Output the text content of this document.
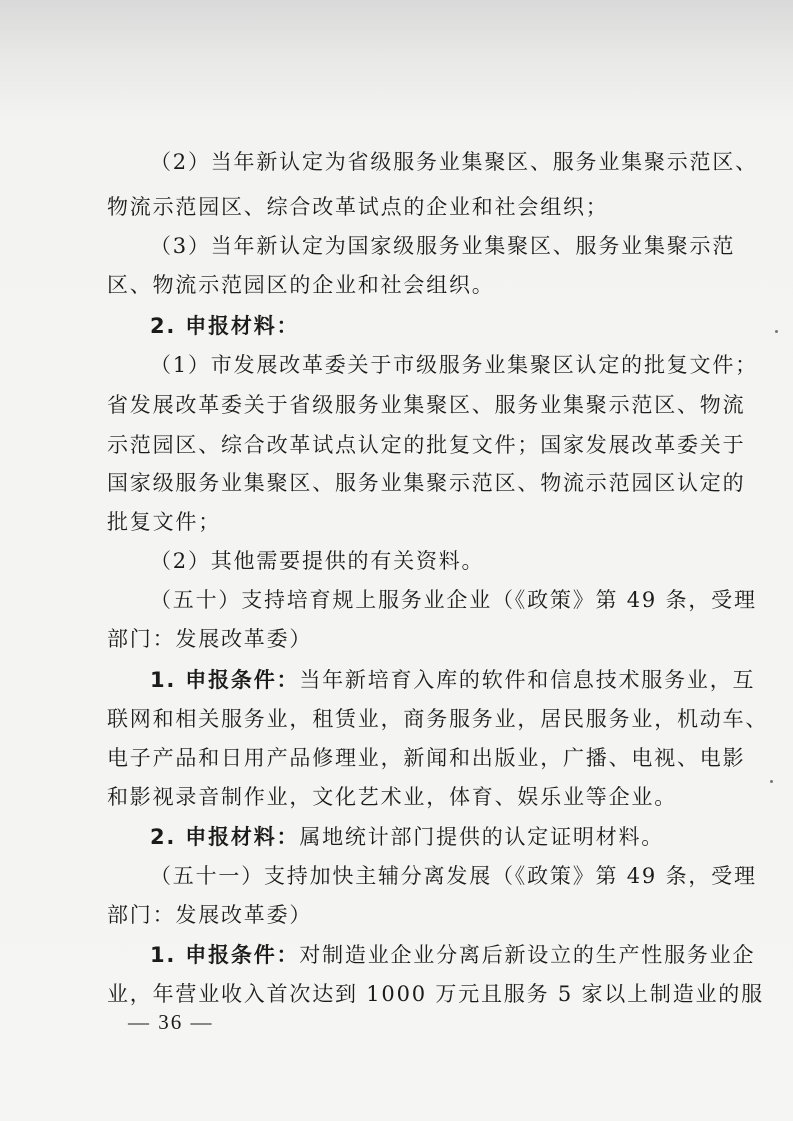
（2）当年新认定为省级服务业集聚区、服务业集聚示范区、
物流示范园区、综合改革试点的企业和社会组织；
（3）当年新认定为国家级服务业集聚区、服务业集聚示范
区、物流示范园区的企业和社会组织。
2. 申报材料：
（1）市发展改革委关于市级服务业集聚区认定的批复文件；
省发展改革委关于省级服务业集聚区、服务业集聚示范区、物流
示范园区、综合改革试点认定的批复文件；国家发展改革委关于
国家级服务业集聚区、服务业集聚示范区、物流示范园区认定的
批复文件；
（2）其他需要提供的有关资料。
（五十）支持培育规上服务业企业（《政策》第 49 条，受理
部门：发展改革委）
1. 申报条件：当年新培育入库的软件和信息技术服务业，互
联网和相关服务业，租赁业，商务服务业，居民服务业，机动车、
电子产品和日用产品修理业，新闻和出版业，广播、电视、电影
和影视录音制作业，文化艺术业，体育、娱乐业等企业。
2. 申报材料：属地统计部门提供的认定证明材料。
（五十一）支持加快主辅分离发展（《政策》第 49 条，受理
部门：发展改革委）
1. 申报条件：对制造业企业分离后新设立的生产性服务业企
业，年营业收入首次达到 1000 万元且服务 5 家以上制造业的服
— 36 —
